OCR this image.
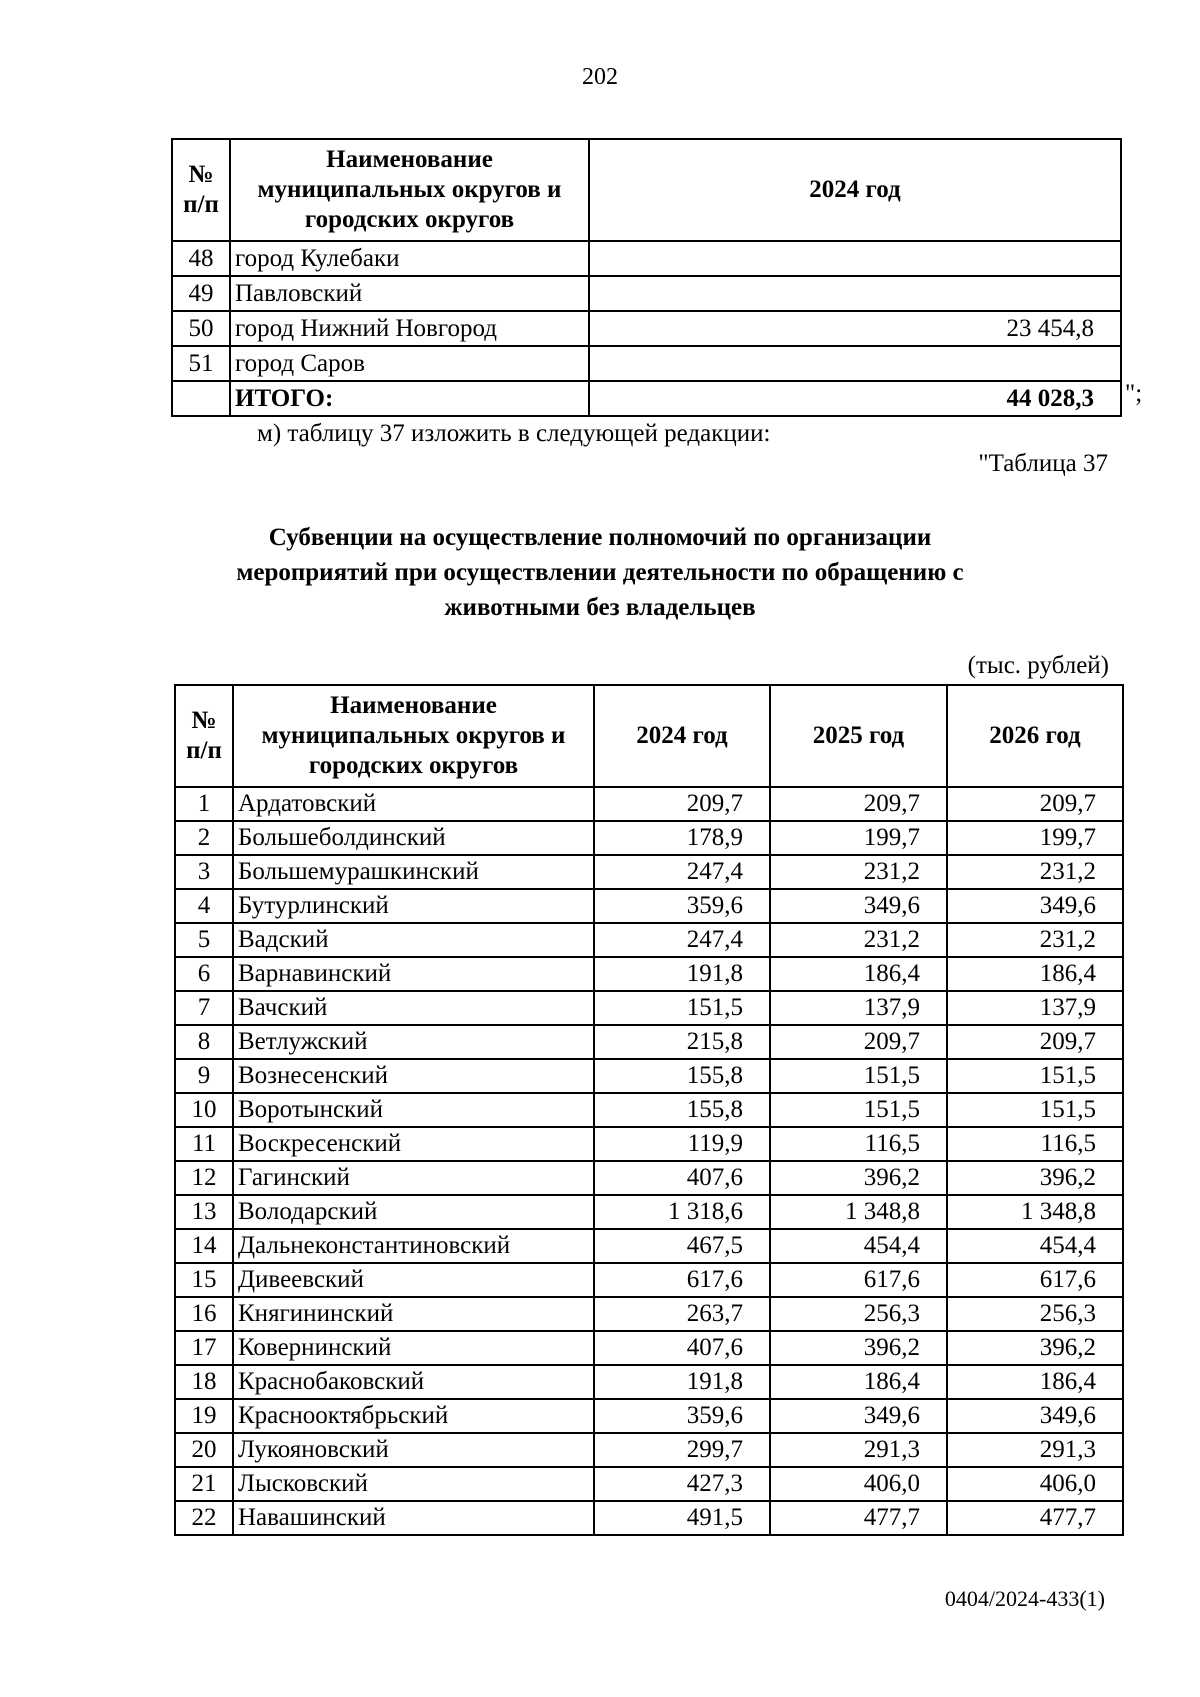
202
№ п/п	Наименование муниципальных округов и городских округов	2024 год
48	город Кулебаки	
49	Павловский	
50	город Нижний Новгород	23 454,8
51	город Саров	
	ИТОГО:	44 028,3 ";
м) таблицу 37 изложить в следующей редакции:
"Таблица 37
Субвенции на осуществление полномочий по организации мероприятий при осуществлении деятельности по обращению с животными без владельцев
(тыс. рублей)
№ п/п	Наименование муниципальных округов и городских округов	2024 год	2025 год	2026 год
1	Ардатовский	209,7	209,7	209,7
2	Большеболдинский	178,9	199,7	199,7
3	Большемурашкинский	247,4	231,2	231,2
4	Бутурлинский	359,6	349,6	349,6
5	Вадский	247,4	231,2	231,2
6	Варнавинский	191,8	186,4	186,4
7	Вачский	151,5	137,9	137,9
8	Ветлужский	215,8	209,7	209,7
9	Вознесенский	155,8	151,5	151,5
10	Воротынский	155,8	151,5	151,5
11	Воскресенский	119,9	116,5	116,5
12	Гагинский	407,6	396,2	396,2
13	Володарский	1 318,6	1 348,8	1 348,8
14	Дальнеконстантиновский	467,5	454,4	454,4
15	Дивеевский	617,6	617,6	617,6
16	Княгининский	263,7	256,3	256,3
17	Ковернинский	407,6	396,2	396,2
18	Краснобаковский	191,8	186,4	186,4
19	Краснооктябрьский	359,6	349,6	349,6
20	Лукояновский	299,7	291,3	291,3
21	Лысковский	427,3	406,0	406,0
22	Навашинский	491,5	477,7	477,7
0404/2024-433(1)
